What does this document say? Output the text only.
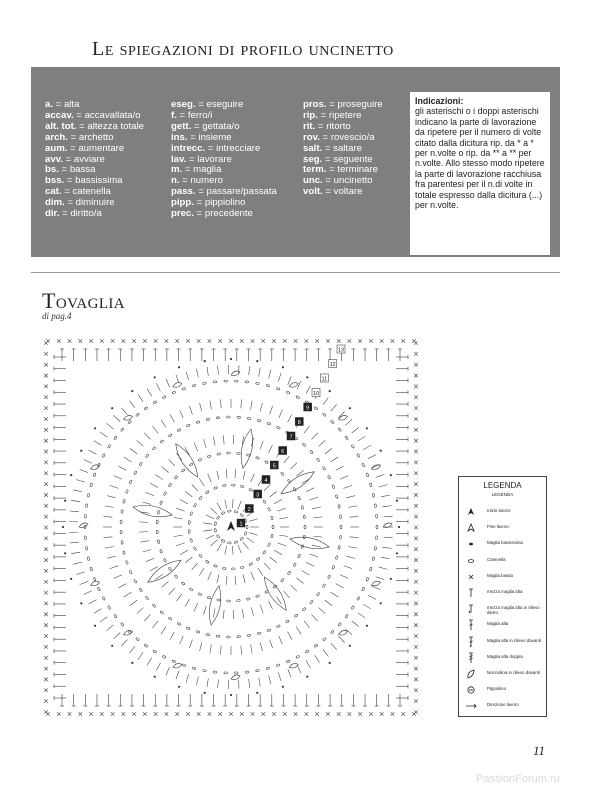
Le spiegazioni di profilo uncinetto
a. = alta
accav. = accavallata/o
alt. tot. = altezza totale
arch. = archetto
aum. = aumentare
avv. = avviare
bs. = bassa
bss. = bassissima
cat. = catenella
dim. = diminuire
dir. = diritto/a
eseg. = eseguire
f. = ferro/i
gett. = gettata/o
ins. = insieme
intrecc. = intrecciare
lav. = lavorare
m. = maglia
n. = numero
pass. = passare/passata
pipp. = pippiolino
prec. = precedente
pros. = proseguire
rip. = ripetere
rit. = ritorto
rov. = rovescio/a
salt. = saltare
seg. = seguente
term. = terminare
unc. = uncinetto
volt. = voltare
Indicazioni:
gli asterischi o i doppi asterischi indicano la parte di lavorazione da ripetere per il numero di volte citato dalla dicitura rip. da * a * per n.volte o rip. da ** a ** per n.volte. Allo stesso modo ripetere la parte di lavorazione racchiusa fra parentesi per il n.di volte in totale espresso dalla dicitura (...) per n.volte.
Tovaglia
di pag.4
1
2
3
4
5
6
7
8
9
10
11
12
13
LEGENDA
LEGENDA
Inizio lavoro
Fine lavoro
Maglia bassissima
Catenella
Maglia bassa
mezza maglia alta
mezza maglia alta in rilievo dietro
Maglia alta
Maglia alta in rilievo davanti
Maglia alta doppia
Nocciolina in rilievo davanti
Pippiolino
Direzione lavoro
11
PassionForum.ru
